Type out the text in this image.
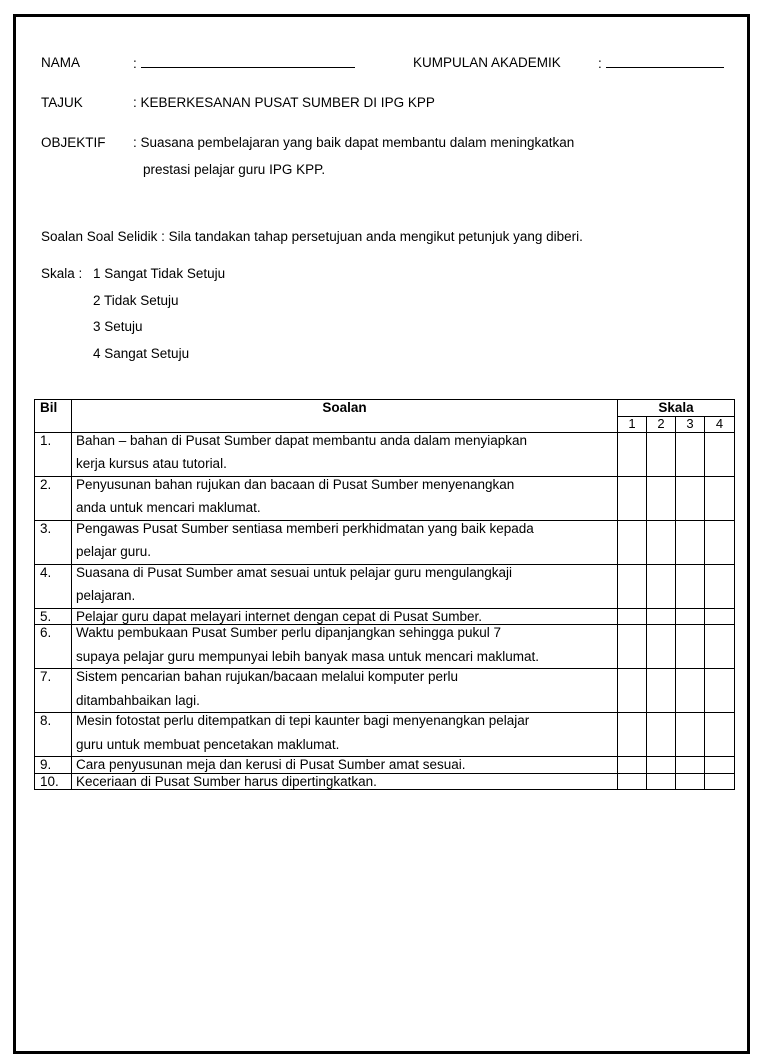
NAMA	:	KUMPULAN AKADEMIK	:
TAJUK	: KEBERKESANAN PUSAT SUMBER DI IPG KPP
OBJEKTIF : Suasana pembelajaran yang baik dapat membantu dalam meningkatkan
prestasi pelajar guru IPG KPP.
Soalan Soal Selidik : Sila tandakan tahap persetujuan anda mengikut petunjuk yang diberi.
Skala : 1 Sangat Tidak Setuju
2 Tidak Setuju
3 Setuju
4 Sangat Setuju
Bil	Soalan	Skala			
		1	2	3	4
1.	Bahan – bahan di Pusat Sumber dapat membantu anda dalam menyiapkan
kerja kursus atau tutorial.				

2.	Penyusunan bahan rujukan dan bacaan di Pusat Sumber menyenangkan
anda untuk mencari maklumat.				

3.	Pengawas Pusat Sumber sentiasa memberi perkhidmatan yang baik kepada
pelajar guru.				

4.	Suasana di Pusat Sumber amat sesuai untuk pelajar guru mengulangkaji
pelajaran.				

5.	Pelajar guru dapat melayari internet dengan cepat di Pusat Sumber.				
6.	Waktu pembukaan Pusat Sumber perlu dipanjangkan sehingga pukul 7
supaya pelajar guru mempunyai lebih banyak masa untuk mencari maklumat.				

7.	Sistem pencarian bahan rujukan/bacaan melalui komputer perlu
ditambahbaikan lagi.				

8.	Mesin fotostat perlu ditempatkan di tepi kaunter bagi menyenangkan pelajar
guru untuk membuat pencetakan maklumat.				

9.	Cara penyusunan meja dan kerusi di Pusat Sumber amat sesuai.				
10.	Keceriaan di Pusat Sumber harus dipertingkatkan.				
